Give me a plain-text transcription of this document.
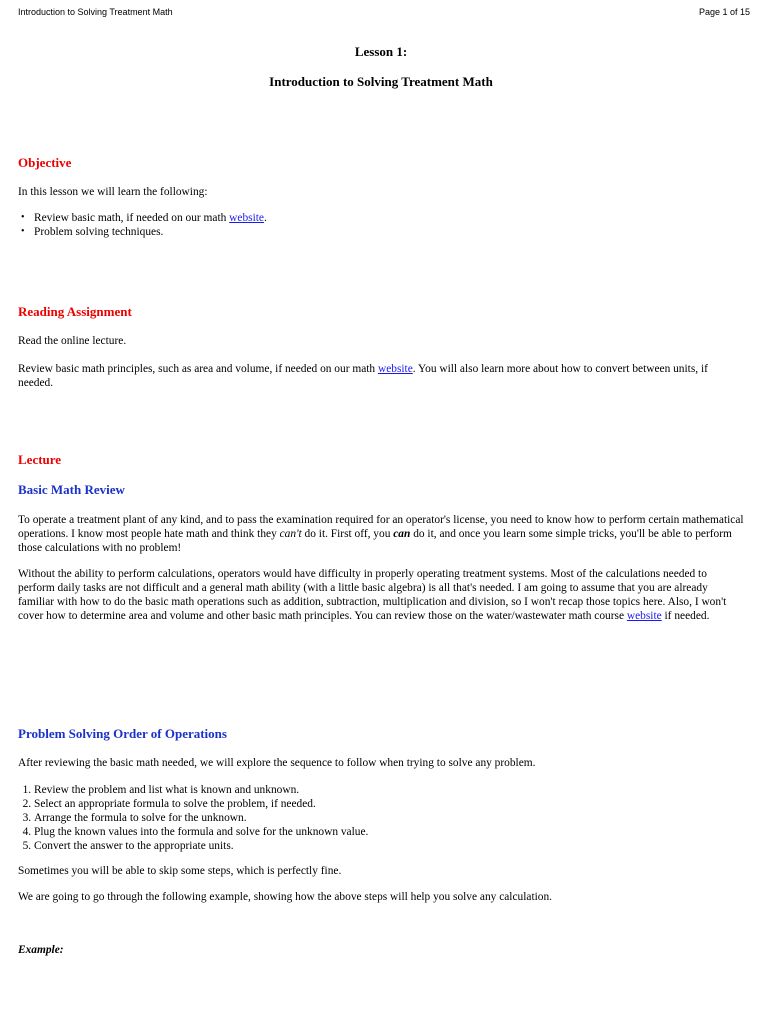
Introduction to Solving Treatment Math	Page 1 of 15
Lesson 1:
Introduction to Solving Treatment Math
Objective

In this lesson we will learn the following:

• Review basic math, if needed on our math website.
• Problem solving techniques.
Reading Assignment

Read the online lecture.

Review basic math principles, such as area and volume, if needed on our math website. You will also learn more about how to convert between units, if needed.

Lecture
Basic Math Review

To operate a treatment plant of any kind, and to pass the examination required for an operator's license, you need to know how to perform certain mathematical operations. I know most people hate math and think they can't do it. First off, you can do it, and once you learn some simple tricks, you'll be able to perform those calculations with no problem!

Without the ability to perform calculations, operators would have difficulty in properly operating treatment systems. Most of the calculations needed to perform daily tasks are not difficult and a general math ability (with a little basic algebra) is all that's needed. I am going to assume that you are already familiar with how to do the basic math operations such as addition, subtraction, multiplication and division, so I won't recap those topics here. Also, I won't cover how to determine area and volume and other basic math principles. You can review those on the water/wastewater math course website if needed.

Problem Solving Order of Operations

After reviewing the basic math needed, we will explore the sequence to follow when trying to solve any problem.

1. Review the problem and list what is known and unknown.
2. Select an appropriate formula to solve the problem, if needed.
3. Arrange the formula to solve for the unknown.
4. Plug the known values into the formula and solve for the unknown value.
5. Convert the answer to the appropriate units.

Sometimes you will be able to skip some steps, which is perfectly fine.

We are going to go through the following example, showing how the above steps will help you solve any calculation.

Example:
